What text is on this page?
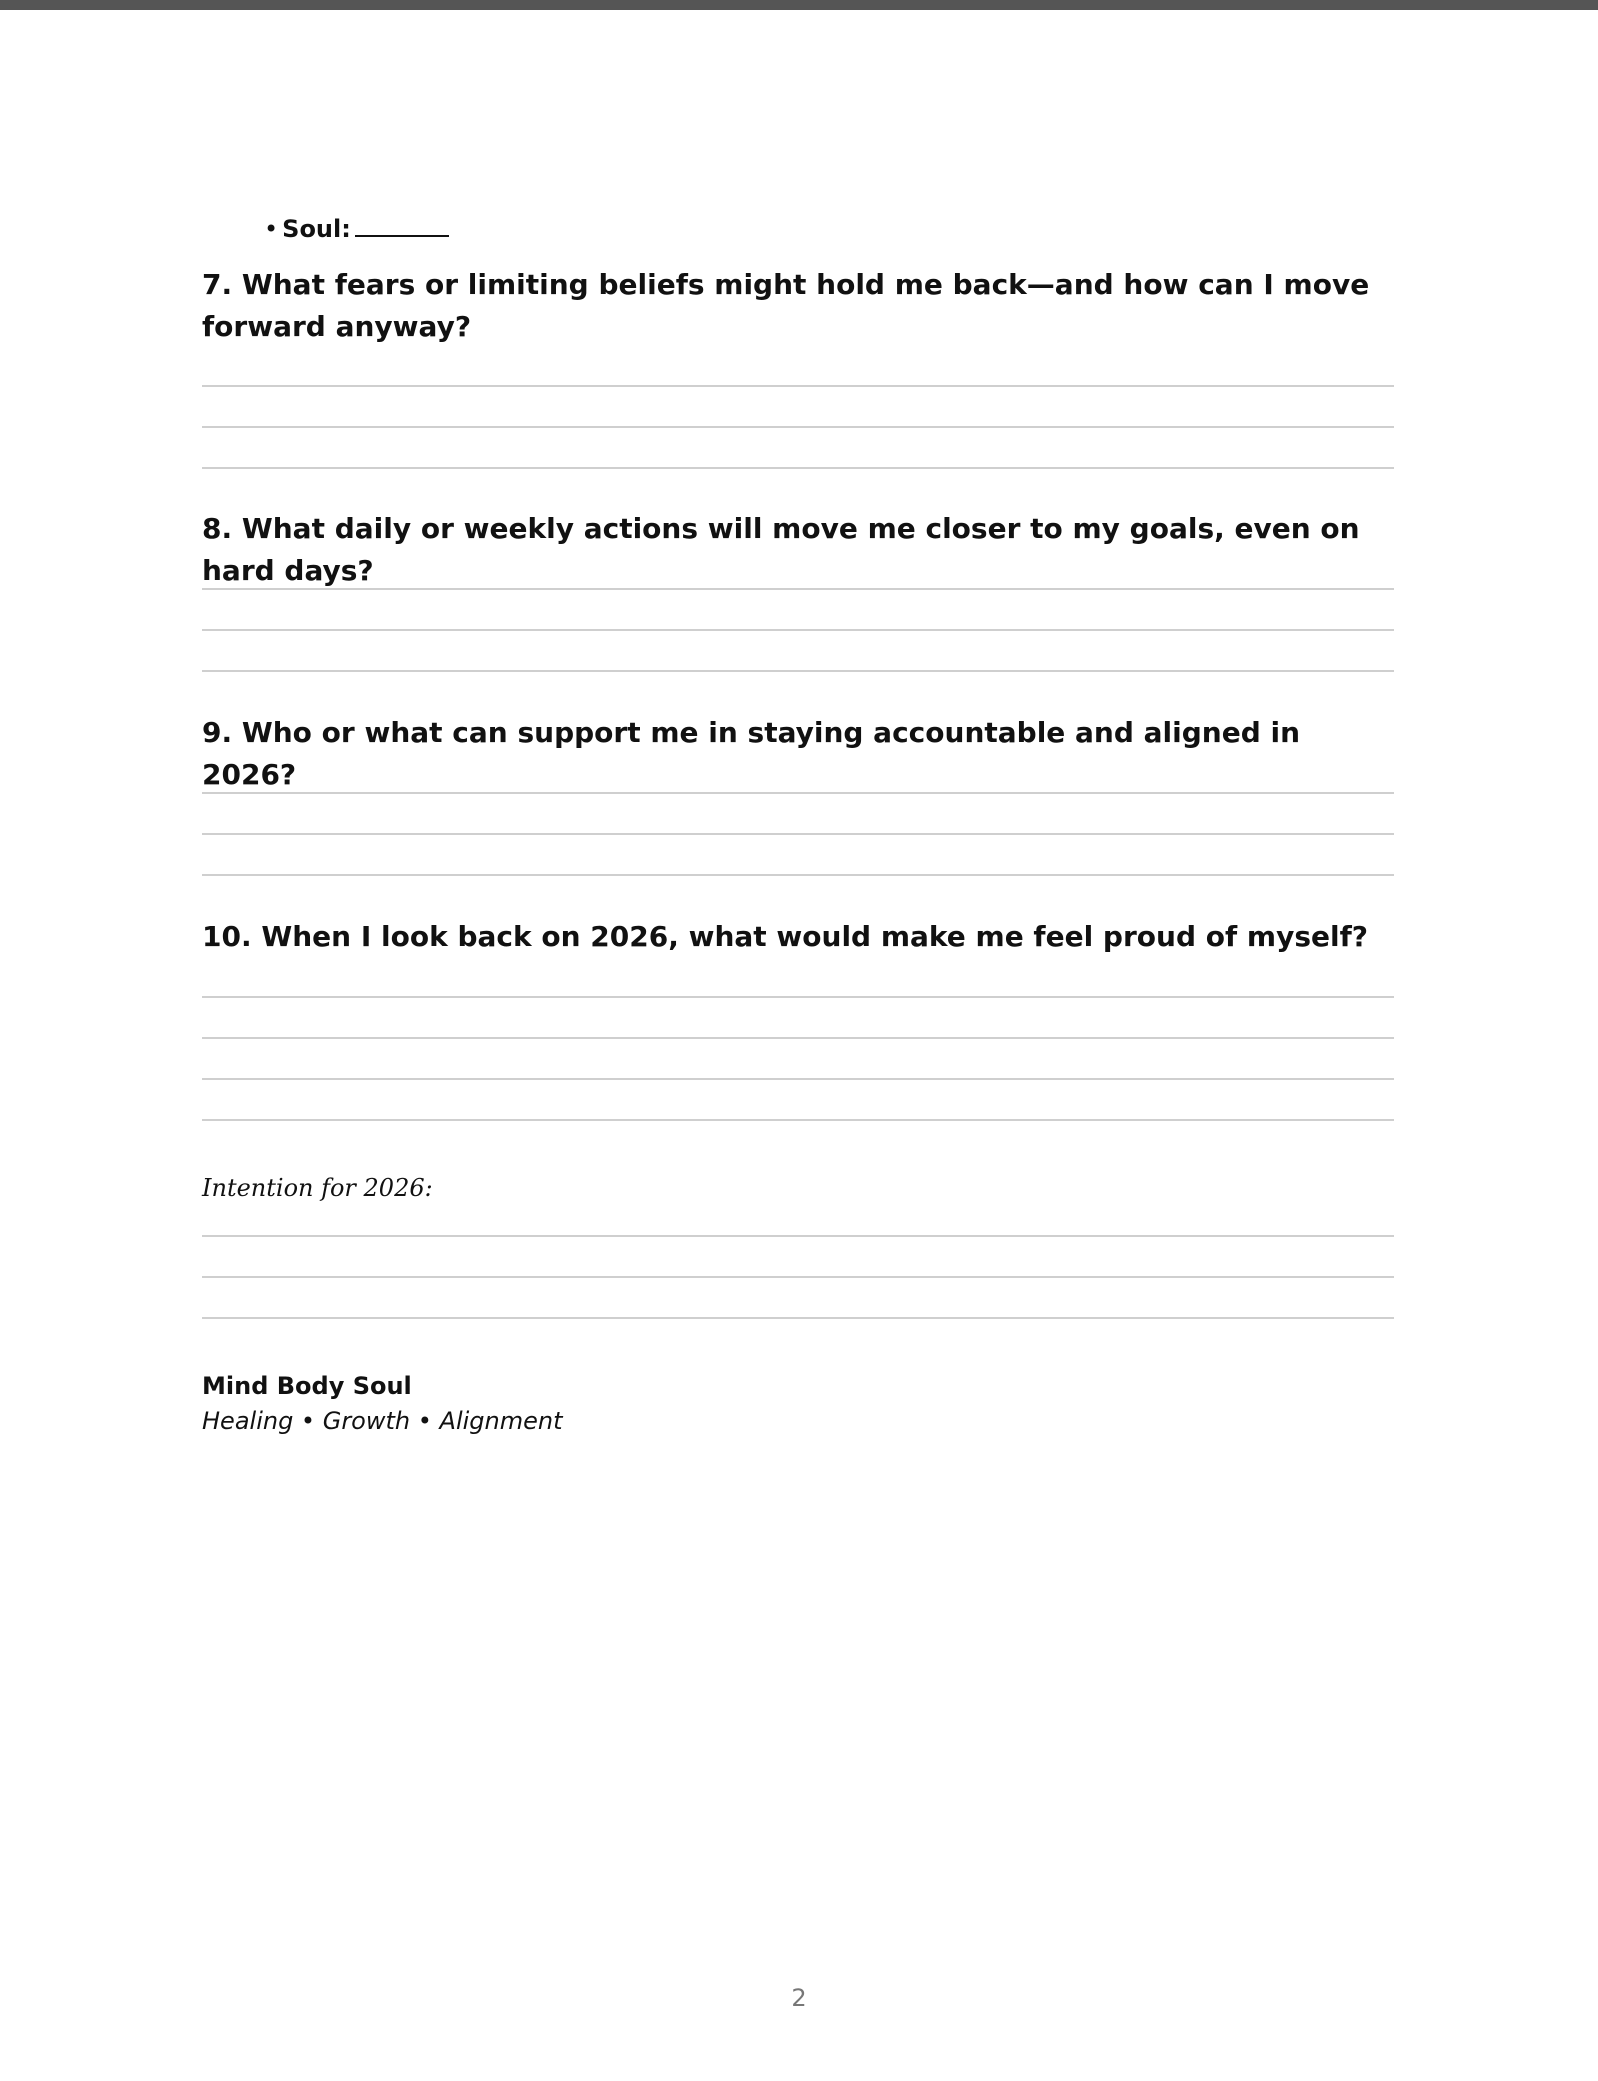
• Soul:

7. What fears or limiting beliefs might hold me back—and how can I move forward anyway?

8. What daily or weekly actions will move me closer to my goals, even on hard days?

9. Who or what can support me in staying accountable and aligned in 2026?

10. When I look back on 2026, what would make me feel proud of myself?

Intention for 2026:

Mind Body Soul

Healing • Growth • Alignment

2
